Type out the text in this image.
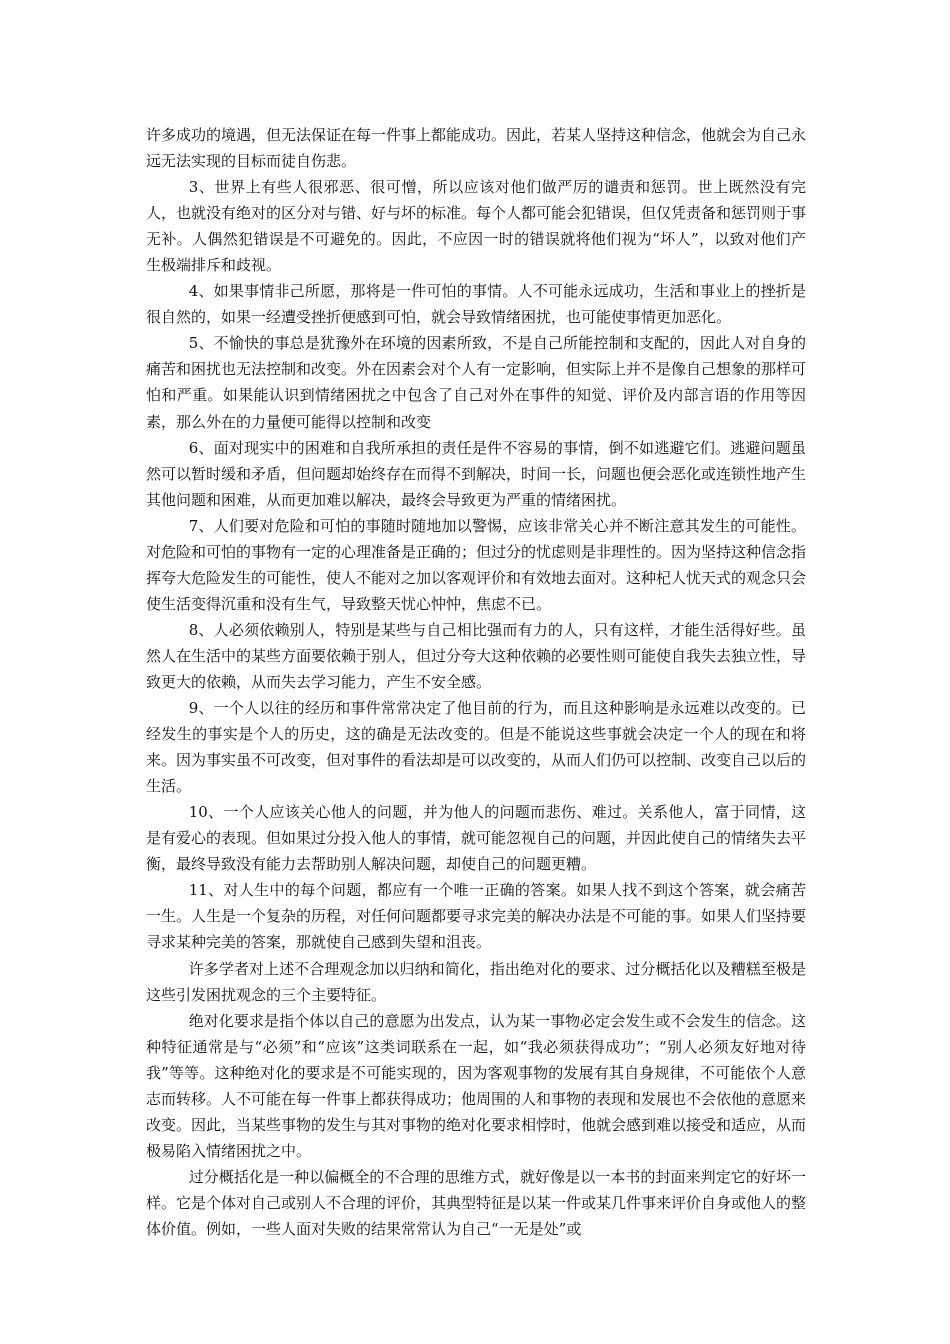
许多成功的境遇，但无法保证在每一件事上都能成功。因此，若某人坚持这种信念，他就会为自己永远无法实现的目标而徒自伤悲。

3、世界上有些人很邪恶、很可憎，所以应该对他们做严厉的谴责和惩罚。世上既然没有完人，也就没有绝对的区分对与错、好与坏的标准。每个人都可能会犯错误，但仅凭责备和惩罚则于事无补。人偶然犯错误是不可避免的。因此，不应因一时的错误就将他们视为“坏人”，以致对他们产生极端排斥和歧视。

4、如果事情非己所愿，那将是一件可怕的事情。人不可能永远成功，生活和事业上的挫折是很自然的，如果一经遭受挫折便感到可怕，就会导致情绪困扰，也可能使事情更加恶化。

5、不愉快的事总是犹豫外在环境的因素所致，不是自己所能控制和支配的，因此人对自身的痛苦和困扰也无法控制和改变。外在因素会对个人有一定影响，但实际上并不是像自己想象的那样可怕和严重。如果能认识到情绪困扰之中包含了自己对外在事件的知觉、评价及内部言语的作用等因素，那么外在的力量便可能得以控制和改变

6、面对现实中的困难和自我所承担的责任是件不容易的事情，倒不如逃避它们。逃避问题虽然可以暂时缓和矛盾，但问题却始终存在而得不到解决，时间一长，问题也便会恶化或连锁性地产生其他问题和困难，从而更加难以解决，最终会导致更为严重的情绪困扰。

7、人们要对危险和可怕的事随时随地加以警惕，应该非常关心并不断注意其发生的可能性。对危险和可怕的事物有一定的心理准备是正确的；但过分的忧虑则是非理性的。因为坚持这种信念指挥夸大危险发生的可能性，使人不能对之加以客观评价和有效地去面对。这种杞人忧天式的观念只会使生活变得沉重和没有生气，导致整天忧心忡忡，焦虑不已。

8、人必须依赖别人，特别是某些与自己相比强而有力的人，只有这样，才能生活得好些。虽然人在生活中的某些方面要依赖于别人，但过分夸大这种依赖的必要性则可能使自我失去独立性，导致更大的依赖，从而失去学习能力，产生不安全感。

9、一个人以往的经历和事件常常决定了他目前的行为，而且这种影响是永远难以改变的。已经发生的事实是个人的历史，这的确是无法改变的。但是不能说这些事就会决定一个人的现在和将来。因为事实虽不可改变，但对事件的看法却是可以改变的，从而人们仍可以控制、改变自己以后的生活。

10、一个人应该关心他人的问题，并为他人的问题而悲伤、难过。关系他人，富于同情，这是有爱心的表现。但如果过分投入他人的事情，就可能忽视自己的问题，并因此使自己的情绪失去平衡，最终导致没有能力去帮助别人解决问题，却使自己的问题更糟。

11、对人生中的每个问题，都应有一个唯一正确的答案。如果人找不到这个答案，就会痛苦一生。人生是一个复杂的历程，对任何问题都要寻求完美的解决办法是不可能的事。如果人们坚持要寻求某种完美的答案，那就使自己感到失望和沮丧。

许多学者对上述不合理观念加以归纳和简化，指出绝对化的要求、过分概括化以及糟糕至极是这些引发困扰观念的三个主要特征。

绝对化要求是指个体以自己的意愿为出发点，认为某一事物必定会发生或不会发生的信念。这种特征通常是与“必须”和“应该”这类词联系在一起，如“我必须获得成功”；“别人必须友好地对待我”等等。这种绝对化的要求是不可能实现的，因为客观事物的发展有其自身规律，不可能依个人意志而转移。人不可能在每一件事上都获得成功；他周围的人和事物的表现和发展也不会依他的意愿来改变。因此，当某些事物的发生与其对事物的绝对化要求相悖时，他就会感到难以接受和适应，从而极易陷入情绪困扰之中。

过分概括化是一种以偏概全的不合理的思维方式，就好像是以一本书的封面来判定它的好坏一样。它是个体对自己或别人不合理的评价，其典型特征是以某一件或某几件事来评价自身或他人的整体价值。例如，一些人面对失败的结果常常认为自己“一无是处”或
